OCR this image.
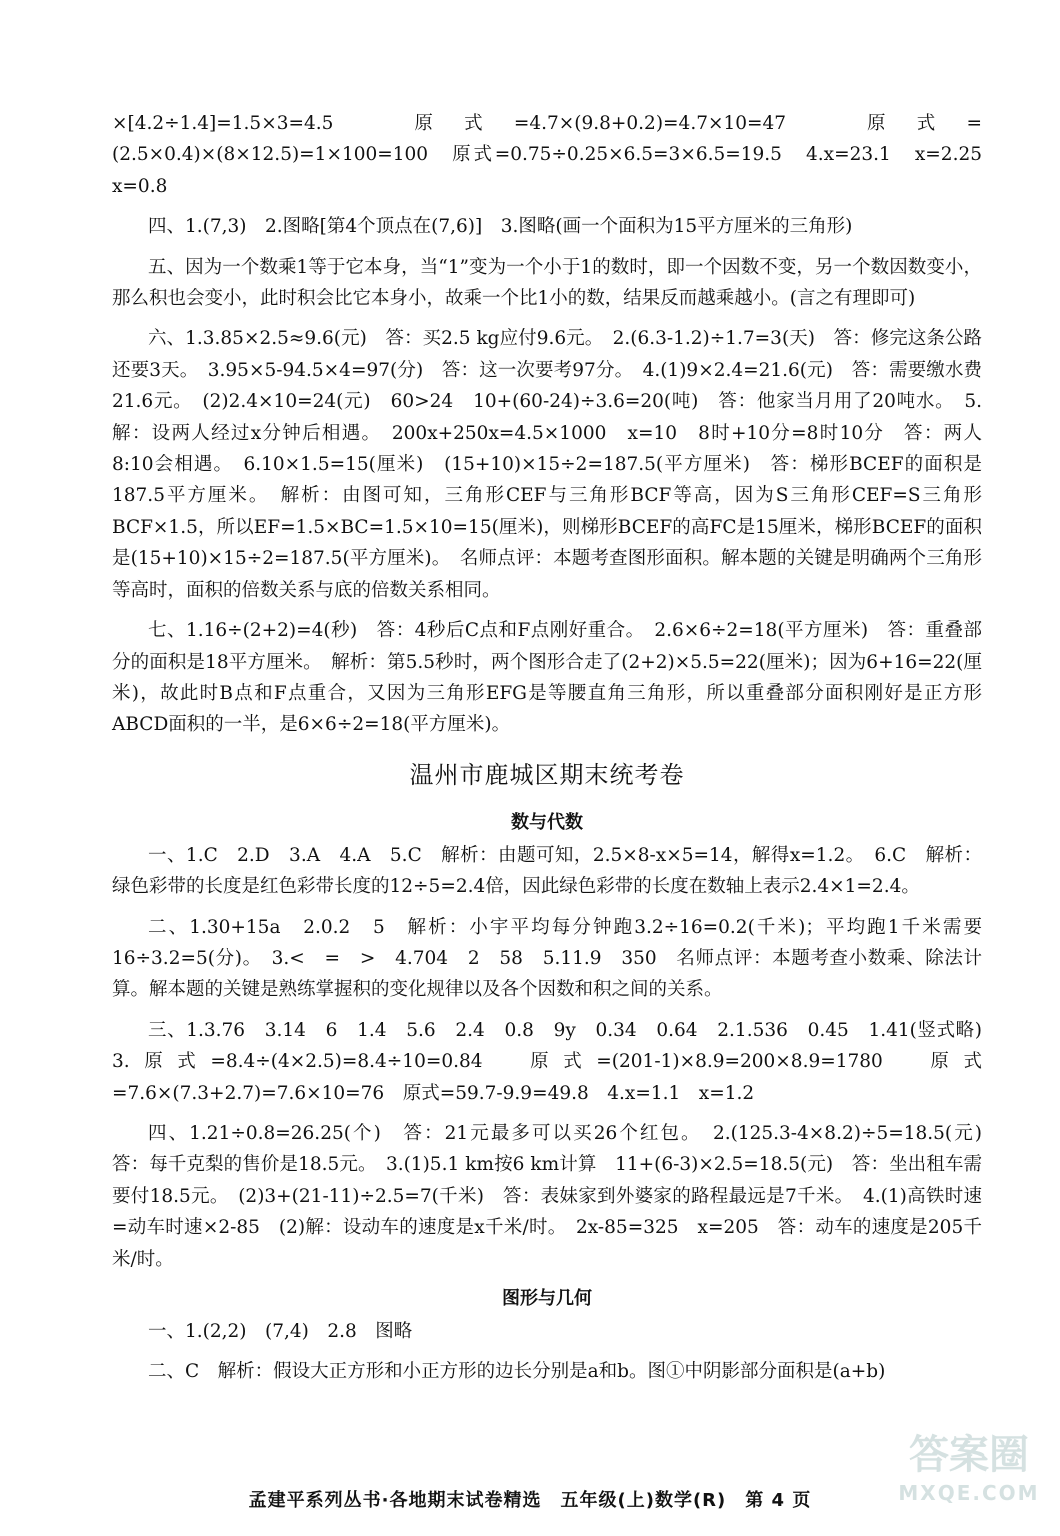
×[4.2÷1.4]=1.5×3=4.5　原式=4.7×(9.8+0.2)=4.7×10=47　原式=(2.5×0.4)×(8×12.5)=1×100=100　原式=0.75÷0.25×6.5=3×6.5=19.5　4.x=23.1　x=2.25　x=0.8

四、1.(7,3)　2.图略[第4个顶点在(7,6)]　3.图略(画一个面积为15平方厘米的三角形)

五、因为一个数乘1等于它本身，当“1”变为一个小于1的数时，即一个因数不变，另一个数因数变小，那么积也会变小，此时积会比它本身小，故乘一个比1小的数，结果反而越乘越小。(言之有理即可)

六、1.3.85×2.5≈9.6(元)　答：买2.5 kg应付9.6元。　2.(6.3-1.2)÷1.7=3(天)　答：修完这条公路还要3天。　3.95×5-94.5×4=97(分)　答：这一次要考97分。　4.(1)9×2.4=21.6(元)　答：需要缴水费21.6元。　(2)2.4×10=24(元)　60>24　10+(60-24)÷3.6=20(吨)　答：他家当月用了20吨水。　5.解：设两人经过x分钟后相遇。　200x+250x=4.5×1000　x=10　8时+10分=8时10分　答：两人8:10会相遇。　6.10×1.5=15(厘米)　(15+10)×15÷2=187.5(平方厘米)　答：梯形BCEF的面积是187.5平方厘米。　解析：由图可知，三角形CEF与三角形BCF等高，因为S三角形CEF=S三角形BCF×1.5，所以EF=1.5×BC=1.5×10=15(厘米)，则梯形BCEF的高FC是15厘米，梯形BCEF的面积是(15+10)×15÷2=187.5(平方厘米)。　名师点评：本题考查图形面积。解本题的关键是明确两个三角形等高时，面积的倍数关系与底的倍数关系相同。

七、1.16÷(2+2)=4(秒)　答：4秒后C点和F点刚好重合。　2.6×6÷2=18(平方厘米)　答：重叠部分的面积是18平方厘米。　解析：第5.5秒时，两个图形合走了(2+2)×5.5=22(厘米)；因为6+16=22(厘米)，故此时B点和F点重合，又因为三角形EFG是等腰直角三角形，所以重叠部分面积刚好是正方形ABCD面积的一半，是6×6÷2=18(平方厘米)。

温州市鹿城区期末统考卷
数与代数

一、1.C　2.D　3.A　4.A　5.C　解析：由题可知，2.5×8-x×5=14，解得x=1.2。　6.C　解析：绿色彩带的长度是红色彩带长度的12÷5=2.4倍，因此绿色彩带的长度在数轴上表示2.4×1=2.4。

二、1.30+15a　2.0.2　5　解析：小宇平均每分钟跑3.2÷16=0.2(千米)；平均跑1千米需要16÷3.2=5(分)。　3.<　=　>　4.704　2　58　5.11.9　350　名师点评：本题考查小数乘、除法计算。解本题的关键是熟练掌握积的变化规律以及各个因数和积之间的关系。

三、1.3.76　3.14　6　1.4　5.6　2.4　0.8　9y　0.34　0.64　2.1.536　0.45　1.41(竖式略)　3.原式=8.4÷(4×2.5)=8.4÷10=0.84　原式=(201-1)×8.9=200×8.9=1780　原式=7.6×(7.3+2.7)=7.6×10=76　原式=59.7-9.9=49.8　4.x=1.1　x=1.2

四、1.21÷0.8=26.25(个)　答：21元最多可以买26个红包。　2.(125.3-4×8.2)÷5=18.5(元)　答：每千克梨的售价是18.5元。　3.(1)5.1 km按6 km计算　11+(6-3)×2.5=18.5(元)　答：坐出租车需要付18.5元。　(2)3+(21-11)÷2.5=7(千米)　答：表妹家到外婆家的路程最远是7千米。　4.(1)高铁时速=动车时速×2-85　(2)解：设动车的速度是x千米/时。　2x-85=325　x=205　答：动车的速度是205千米/时。

图形与几何

一、1.(2,2)　(7,4)　2.8　图略

二、C　解析：假设大正方形和小正方形的边长分别是a和b。图①中阴影部分面积是(a+b)

孟建平系列丛书·各地期末试卷精选　五年级(上)数学(R)　第 4 页
答案圈
MXQE.COM
